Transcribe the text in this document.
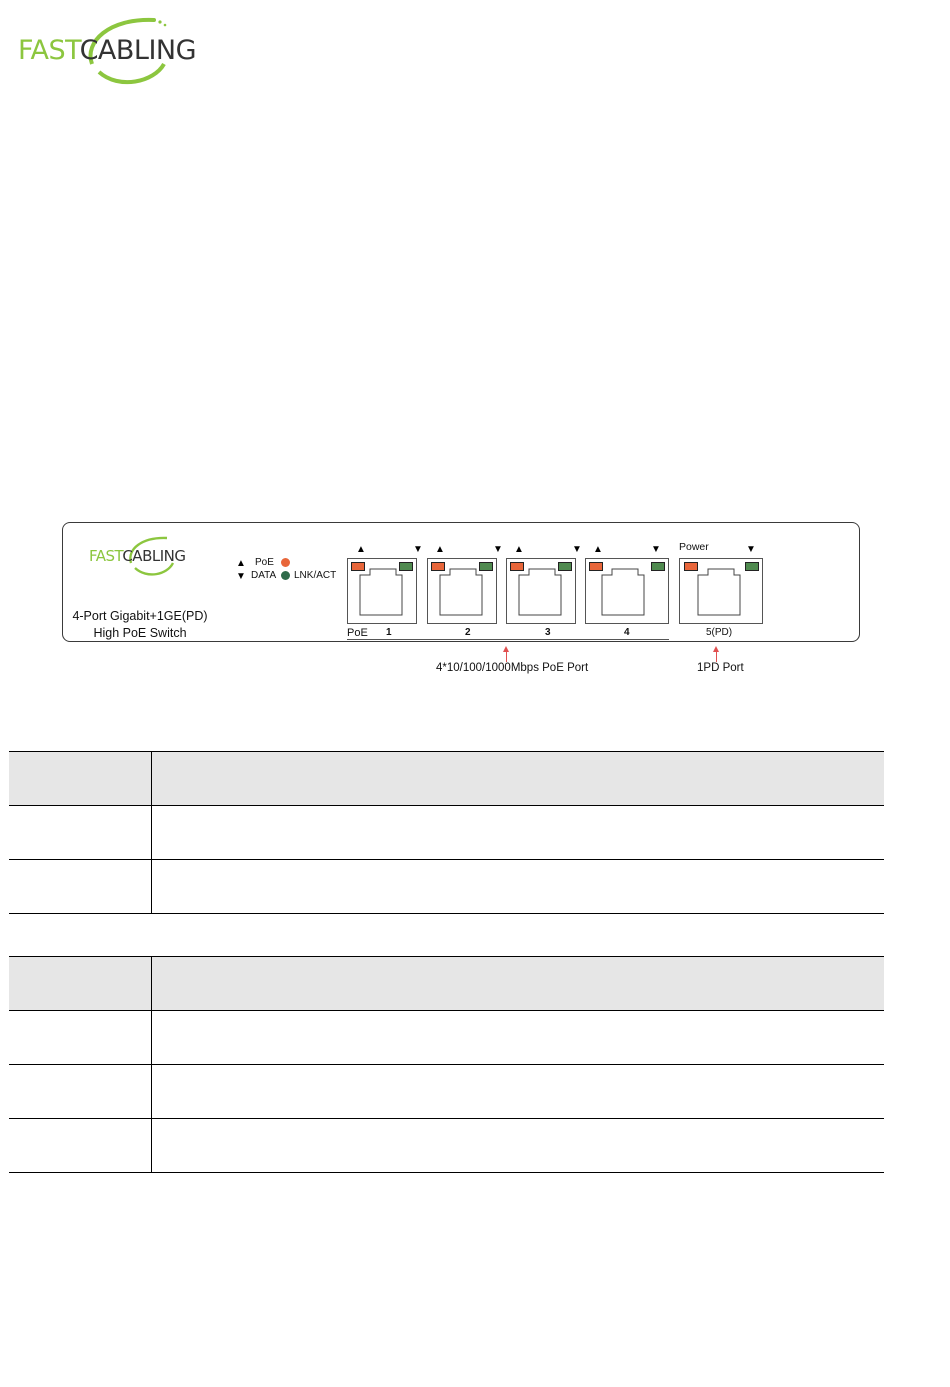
FASTCABLING
FASTCABLING
4-Port Gigabit+1GE(PD)
High PoE Switch
▲ PoE
▼ DATA LNK/ACT
▲	▼ ▲	▼ ▲	▼ ▲	▼
PoE 1	2	3	4
Power	▼
5(PD)
4*10/100/1000Mbps PoE Port	1PD Port
